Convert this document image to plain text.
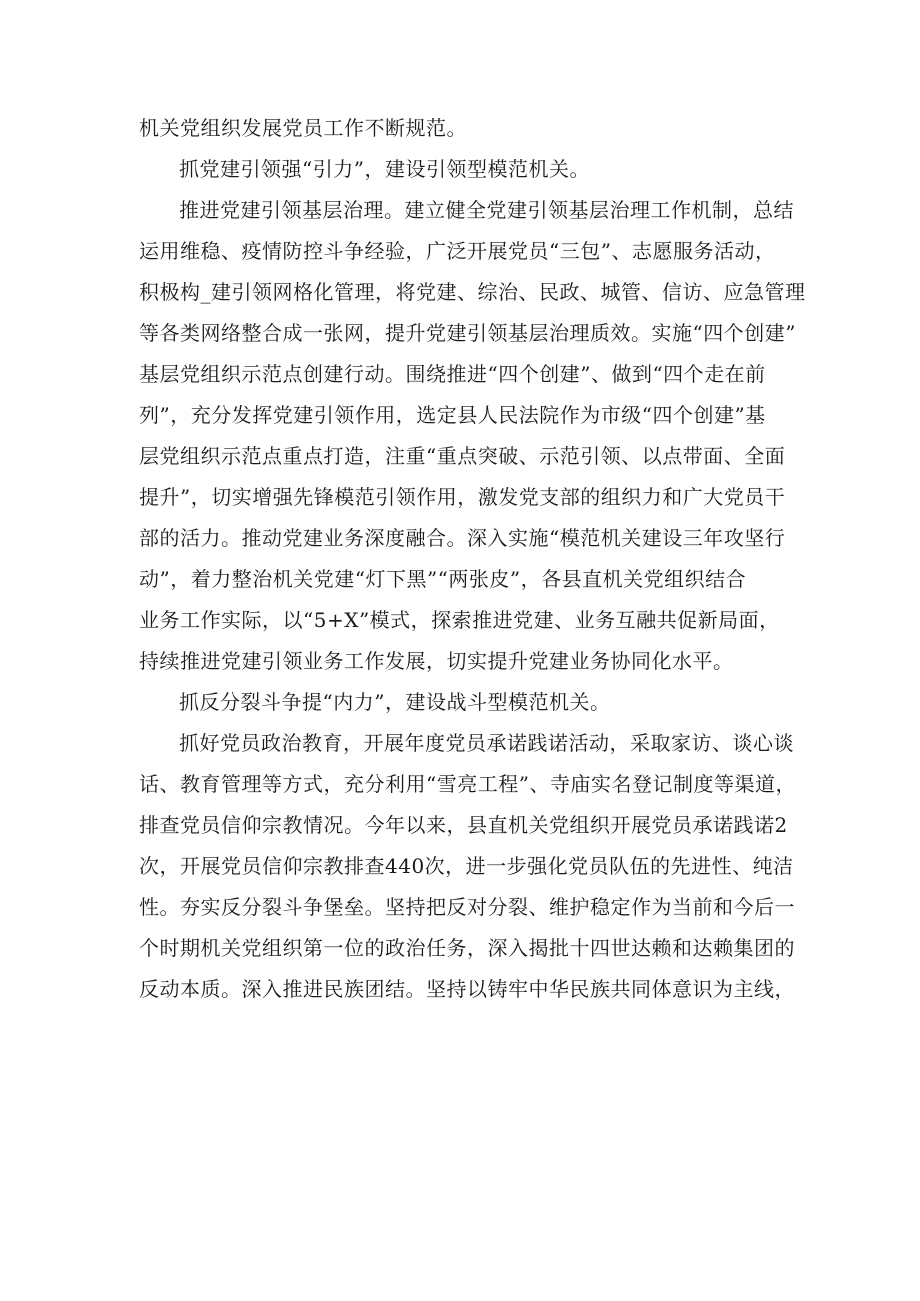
机关党组织发展党员工作不断规范。
抓党建引领强“引力”，建设引领型模范机关。
推进党建引领基层治理。建立健全党建引领基层治理工作机制，总结
运用维稳、疫情防控斗争经验，广泛开展党员“三包”、志愿服务活动，
积极构_建引领网格化管理，将党建、综治、民政、城管、信访、应急管理
等各类网络整合成一张网，提升党建引领基层治理质效。实施“四个创建”
基层党组织示范点创建行动。围绕推进“四个创建”、做到“四个走在前
列”，充分发挥党建引领作用，选定县人民法院作为市级“四个创建”基
层党组织示范点重点打造，注重“重点突破、示范引领、以点带面、全面
提升”，切实增强先锋模范引领作用，激发党支部的组织力和广大党员干
部的活力。推动党建业务深度融合。深入实施“模范机关建设三年攻坚行
动”，着力整治机关党建“灯下黑”“两张皮”，各县直机关党组织结合
业务工作实际，以“5+X”模式，探索推进党建、业务互融共促新局面，
持续推进党建引领业务工作发展，切实提升党建业务协同化水平。
抓反分裂斗争提“内力”，建设战斗型模范机关。
抓好党员政治教育，开展年度党员承诺践诺活动，采取家访、谈心谈
话、教育管理等方式，充分利用“雪亮工程”、寺庙实名登记制度等渠道，
排查党员信仰宗教情况。今年以来，县直机关党组织开展党员承诺践诺2
次，开展党员信仰宗教排查440次，进一步强化党员队伍的先进性、纯洁
性。夯实反分裂斗争堡垒。坚持把反对分裂、维护稳定作为当前和今后一
个时期机关党组织第一位的政治任务，深入揭批十四世达赖和达赖集团的
反动本质。深入推进民族团结。坚持以铸牢中华民族共同体意识为主线，
